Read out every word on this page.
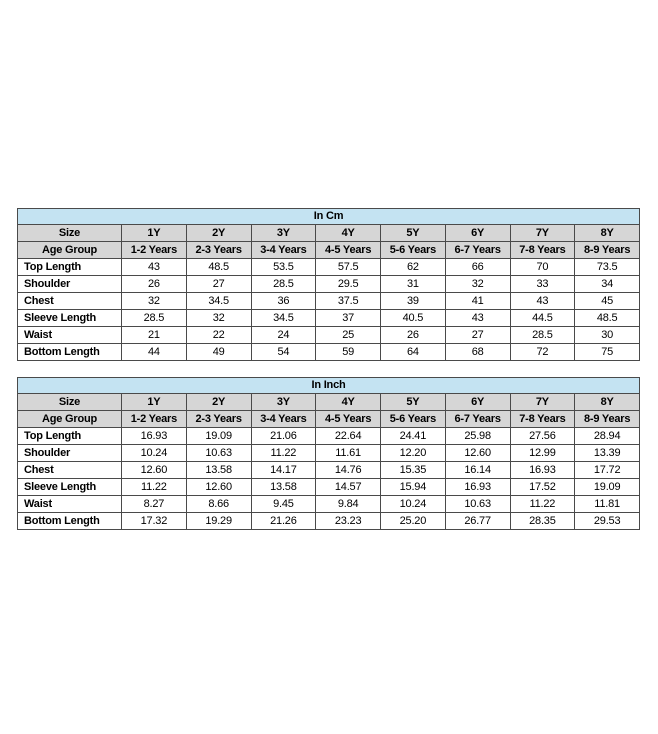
In Cm								
Size	1Y	2Y	3Y	4Y	5Y	6Y	7Y	8Y
Age Group	1-2 Years	2-3 Years	3-4 Years	4-5 Years	5-6 Years	6-7 Years	7-8 Years	8-9 Years
Top Length	43	48.5	53.5	57.5	62	66	70	73.5
Shoulder	26	27	28.5	29.5	31	32	33	34
Chest	32	34.5	36	37.5	39	41	43	45
Sleeve Length	28.5	32	34.5	37	40.5	43	44.5	48.5
Waist	21	22	24	25	26	27	28.5	30
Bottom Length	44	49	54	59	64	68	72	75
In Inch								
Size	1Y	2Y	3Y	4Y	5Y	6Y	7Y	8Y
Age Group	1-2 Years	2-3 Years	3-4 Years	4-5 Years	5-6 Years	6-7 Years	7-8 Years	8-9 Years
Top Length	16.93	19.09	21.06	22.64	24.41	25.98	27.56	28.94
Shoulder	10.24	10.63	11.22	11.61	12.20	12.60	12.99	13.39
Chest	12.60	13.58	14.17	14.76	15.35	16.14	16.93	17.72
Sleeve Length	11.22	12.60	13.58	14.57	15.94	16.93	17.52	19.09
Waist	8.27	8.66	9.45	9.84	10.24	10.63	11.22	11.81
Bottom Length	17.32	19.29	21.26	23.23	25.20	26.77	28.35	29.53
